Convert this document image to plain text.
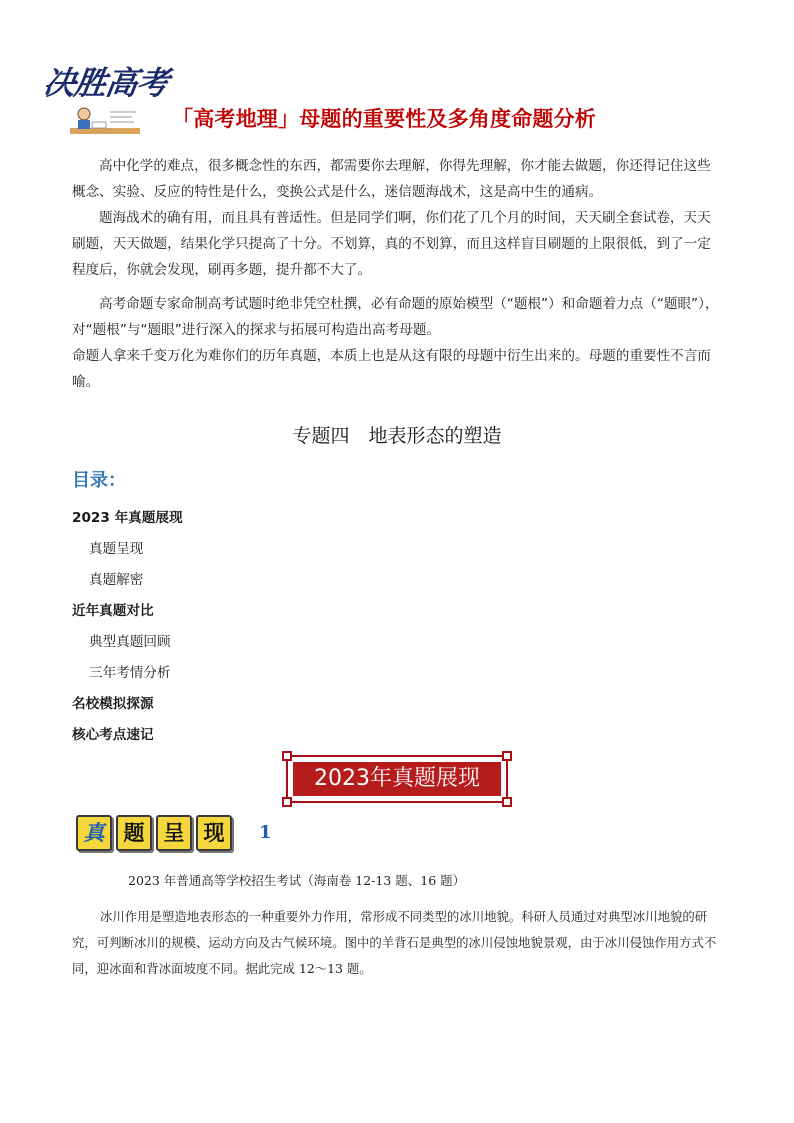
决胜高考
「高考地理」母题的重要性及多角度命题分析

高中化学的难点，很多概念性的东西，都需要你去理解，你得先理解，你才能去做题，你还得记住这些概念、实验、反应的特性是什么，变换公式是什么，迷信题海战术，这是高中生的通病。

题海战术的确有用，而且具有普适性。但是同学们啊，你们花了几个月的时间，天天刷全套试卷，天天刷题，天天做题，结果化学只提高了十分。不划算，真的不划算，而且这样盲目刷题的上限很低，到了一定程度后，你就会发现，刷再多题，提升都不大了。

高考命题专家命制高考试题时绝非凭空杜撰，必有命题的原始模型（“题根”）和命题着力点（“题眼”），对“题根”与“题眼”进行深入的探求与拓展可构造出高考母题。

命题人拿来千变万化为难你们的历年真题，本质上也是从这有限的母题中衍生出来的。母题的重要性不言而喻。

专题四　地表形态的塑造
目录：
2023 年真题展现
真题呈现
真题解密
近年真题对比
典型真题回顾
三年考情分析
名校模拟探源
核心考点速记
2023年真题展现
真 题 呈 现	1
2023 年普通高等学校招生考试（海南卷 12-13 题、16 题）

冰川作用是塑造地表形态的一种重要外力作用，常形成不同类型的冰川地貌。科研人员通过对典型冰川地貌的研究，可判断冰川的规模、运动方向及古气候环境。图中的羊背石是典型的冰川侵蚀地貌景观，由于冰川侵蚀作用方式不同，迎冰面和背冰面坡度不同。据此完成 12～13 题。
